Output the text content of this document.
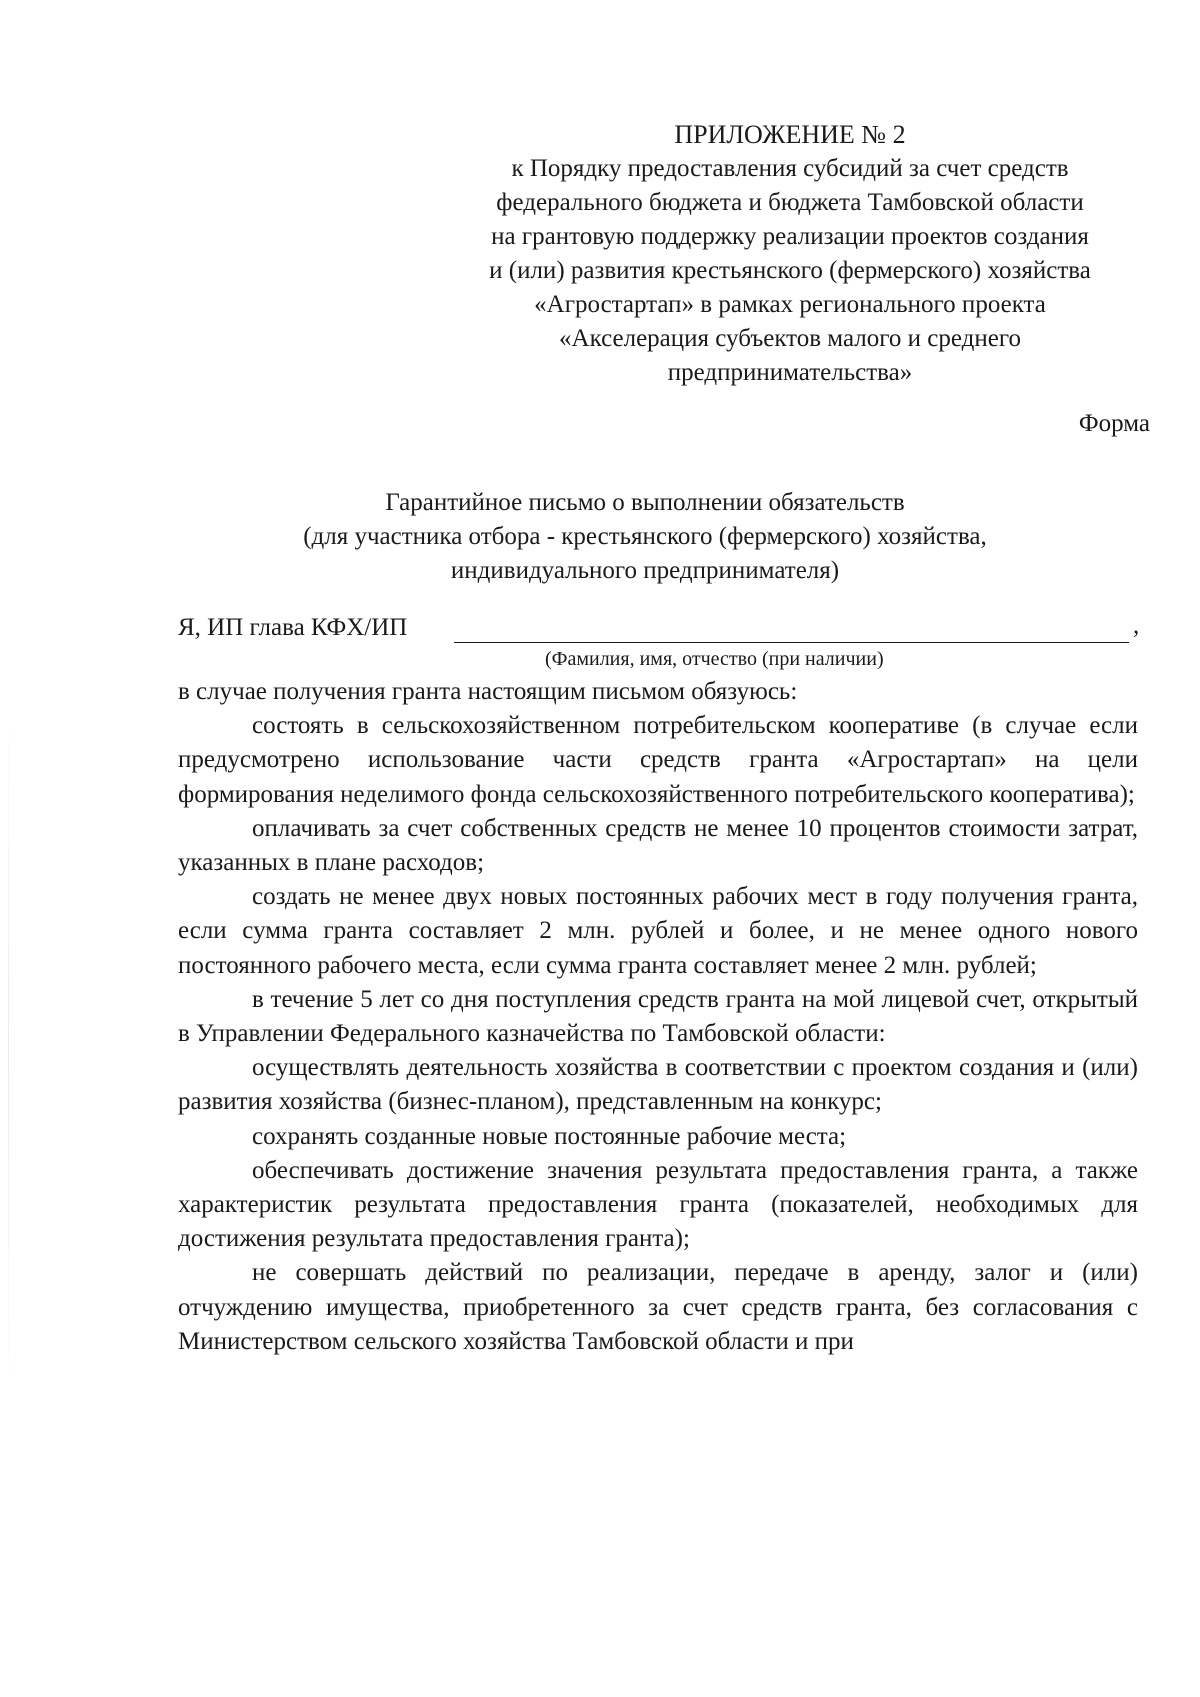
ПРИЛОЖЕНИЕ № 2
к Порядку предоставления субсидий за счет средств
федерального бюджета и бюджета Тамбовской области
на грантовую поддержку реализации проектов создания
и (или) развития крестьянского (фермерского) хозяйства
«Агростартап» в рамках регионального проекта
«Акселерация субъектов малого и среднего
предпринимательства»
Форма
Гарантийное письмо о выполнении обязательств
(для участника отбора - крестьянского (фермерского) хозяйства,
индивидуального предпринимателя)
Я, ИП глава КФХ/ИП	,
(Фамилия, имя, отчество (при наличии)

в случае получения гранта настоящим письмом обязуюсь:

состоять в сельскохозяйственном потребительском кооперативе (в случае если предусмотрено использование части средств гранта «Агростартап» на цели формирования неделимого фонда сельскохозяйственного потребительского кооператива);

оплачивать за счет собственных средств не менее 10 процентов стоимости затрат, указанных в плане расходов;

создать не менее двух новых постоянных рабочих мест в году получения гранта, если сумма гранта составляет 2 млн. рублей и более, и не менее одного нового постоянного рабочего места, если сумма гранта составляет менее 2 млн. рублей;

в течение 5 лет со дня поступления средств гранта на мой лицевой счет, открытый в Управлении Федерального казначейства по Тамбовской области:

осуществлять деятельность хозяйства в соответствии с проектом создания и (или) развития хозяйства (бизнес-планом), представленным на конкурс;

сохранять созданные новые постоянные рабочие места;

обеспечивать достижение значения результата предоставления гранта, а также характеристик результата предоставления гранта (показателей, необходимых для достижения результата предоставления гранта);

не совершать действий по реализации, передаче в аренду, залог и (или) отчуждению имущества, приобретенного за счет средств гранта, без согласования с Министерством сельского хозяйства Тамбовской области и при
